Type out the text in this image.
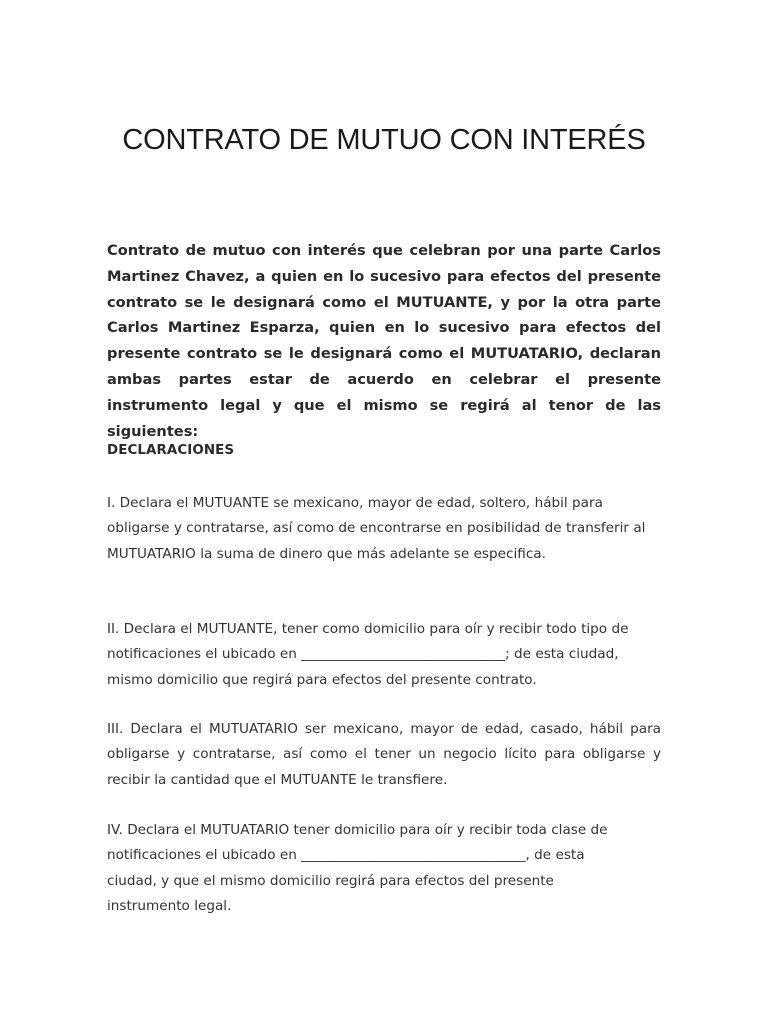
CONTRATO DE MUTUO CON INTERÉS

Contrato de mutuo con interés que celebran por una parte Carlos Martinez Chavez, a quien en lo sucesivo para efectos del presente contrato se le designará como el MUTUANTE, y por la otra parte Carlos Martinez Esparza, quien en lo sucesivo para efectos del presente contrato se le designará como el MUTUATARIO, declaran ambas partes estar de acuerdo en celebrar el presente instrumento legal y que el mismo se regirá al tenor de las siguientes:

DECLARACIONES

I. Declara el MUTUANTE se mexicano, mayor de edad, soltero, hábil para obligarse y contratarse, así como de encontrarse en posibilidad de transferir al MUTUATARIO la suma de dinero que más adelante se especifica.

II. Declara el MUTUANTE, tener como domicilio para oír y recibir todo tipo de notificaciones el ubicado en ______________________________; de esta ciudad, mismo domicilio que regirá para efectos del presente contrato.

III. Declara el MUTUATARIO ser mexicano, mayor de edad, casado, hábil para obligarse y contratarse, así como el tener un negocio lícito para obligarse y recibir la cantidad que el MUTUANTE le transfiere.

IV. Declara el MUTUATARIO tener domicilio para oír y recibir toda clase de notificaciones el ubicado en _________________________________, de esta ciudad, y que el mismo domicilio regirá para efectos del presente instrumento legal.
